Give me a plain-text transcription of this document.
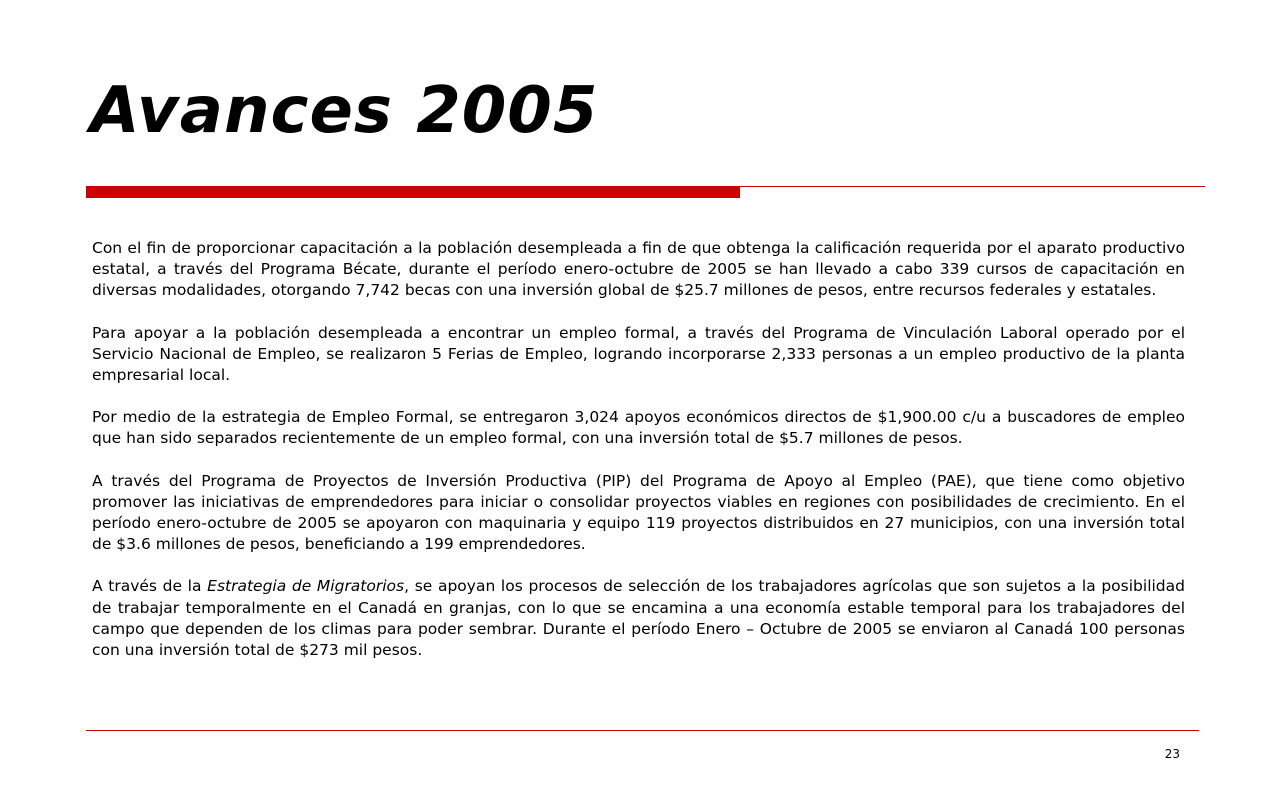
Avances 2005

Con el fin de proporcionar capacitación a la población desempleada a fin de que obtenga la calificación requerida por el aparato productivo estatal, a través del Programa Bécate, durante el período enero-octubre de 2005 se han llevado a cabo 339 cursos de capacitación en diversas modalidades, otorgando 7,742 becas con una inversión global de $25.7 millones de pesos, entre recursos federales y estatales.

Para apoyar a la población desempleada a encontrar un empleo formal, a través del Programa de Vinculación Laboral operado por el Servicio Nacional de Empleo, se realizaron 5 Ferias de Empleo, logrando incorporarse 2,333 personas a un empleo productivo de la planta empresarial local.

Por medio de la estrategia de Empleo Formal, se entregaron 3,024 apoyos económicos directos de $1,900.00 c/u a buscadores de empleo que han sido separados recientemente de un empleo formal, con una inversión total de $5.7 millones de pesos.

A través del Programa de Proyectos de Inversión Productiva (PIP) del Programa de Apoyo al Empleo (PAE), que tiene como objetivo promover las iniciativas de emprendedores para iniciar o consolidar proyectos viables en regiones con posibilidades de crecimiento. En el período enero-octubre de 2005 se apoyaron con maquinaria y equipo 119 proyectos distribuidos en 27 municipios, con una inversión total de $3.6 millones de pesos, beneficiando a 199 emprendedores.

A través de la Estrategia de Migratorios, se apoyan los procesos de selección de los trabajadores agrícolas que son sujetos a la posibilidad de trabajar temporalmente en el Canadá en granjas, con lo que se encamina a una economía estable temporal para los trabajadores del campo que dependen de los climas para poder sembrar. Durante el período Enero – Octubre de 2005 se enviaron al Canadá 100 personas con una inversión total de $273 mil pesos.

23
